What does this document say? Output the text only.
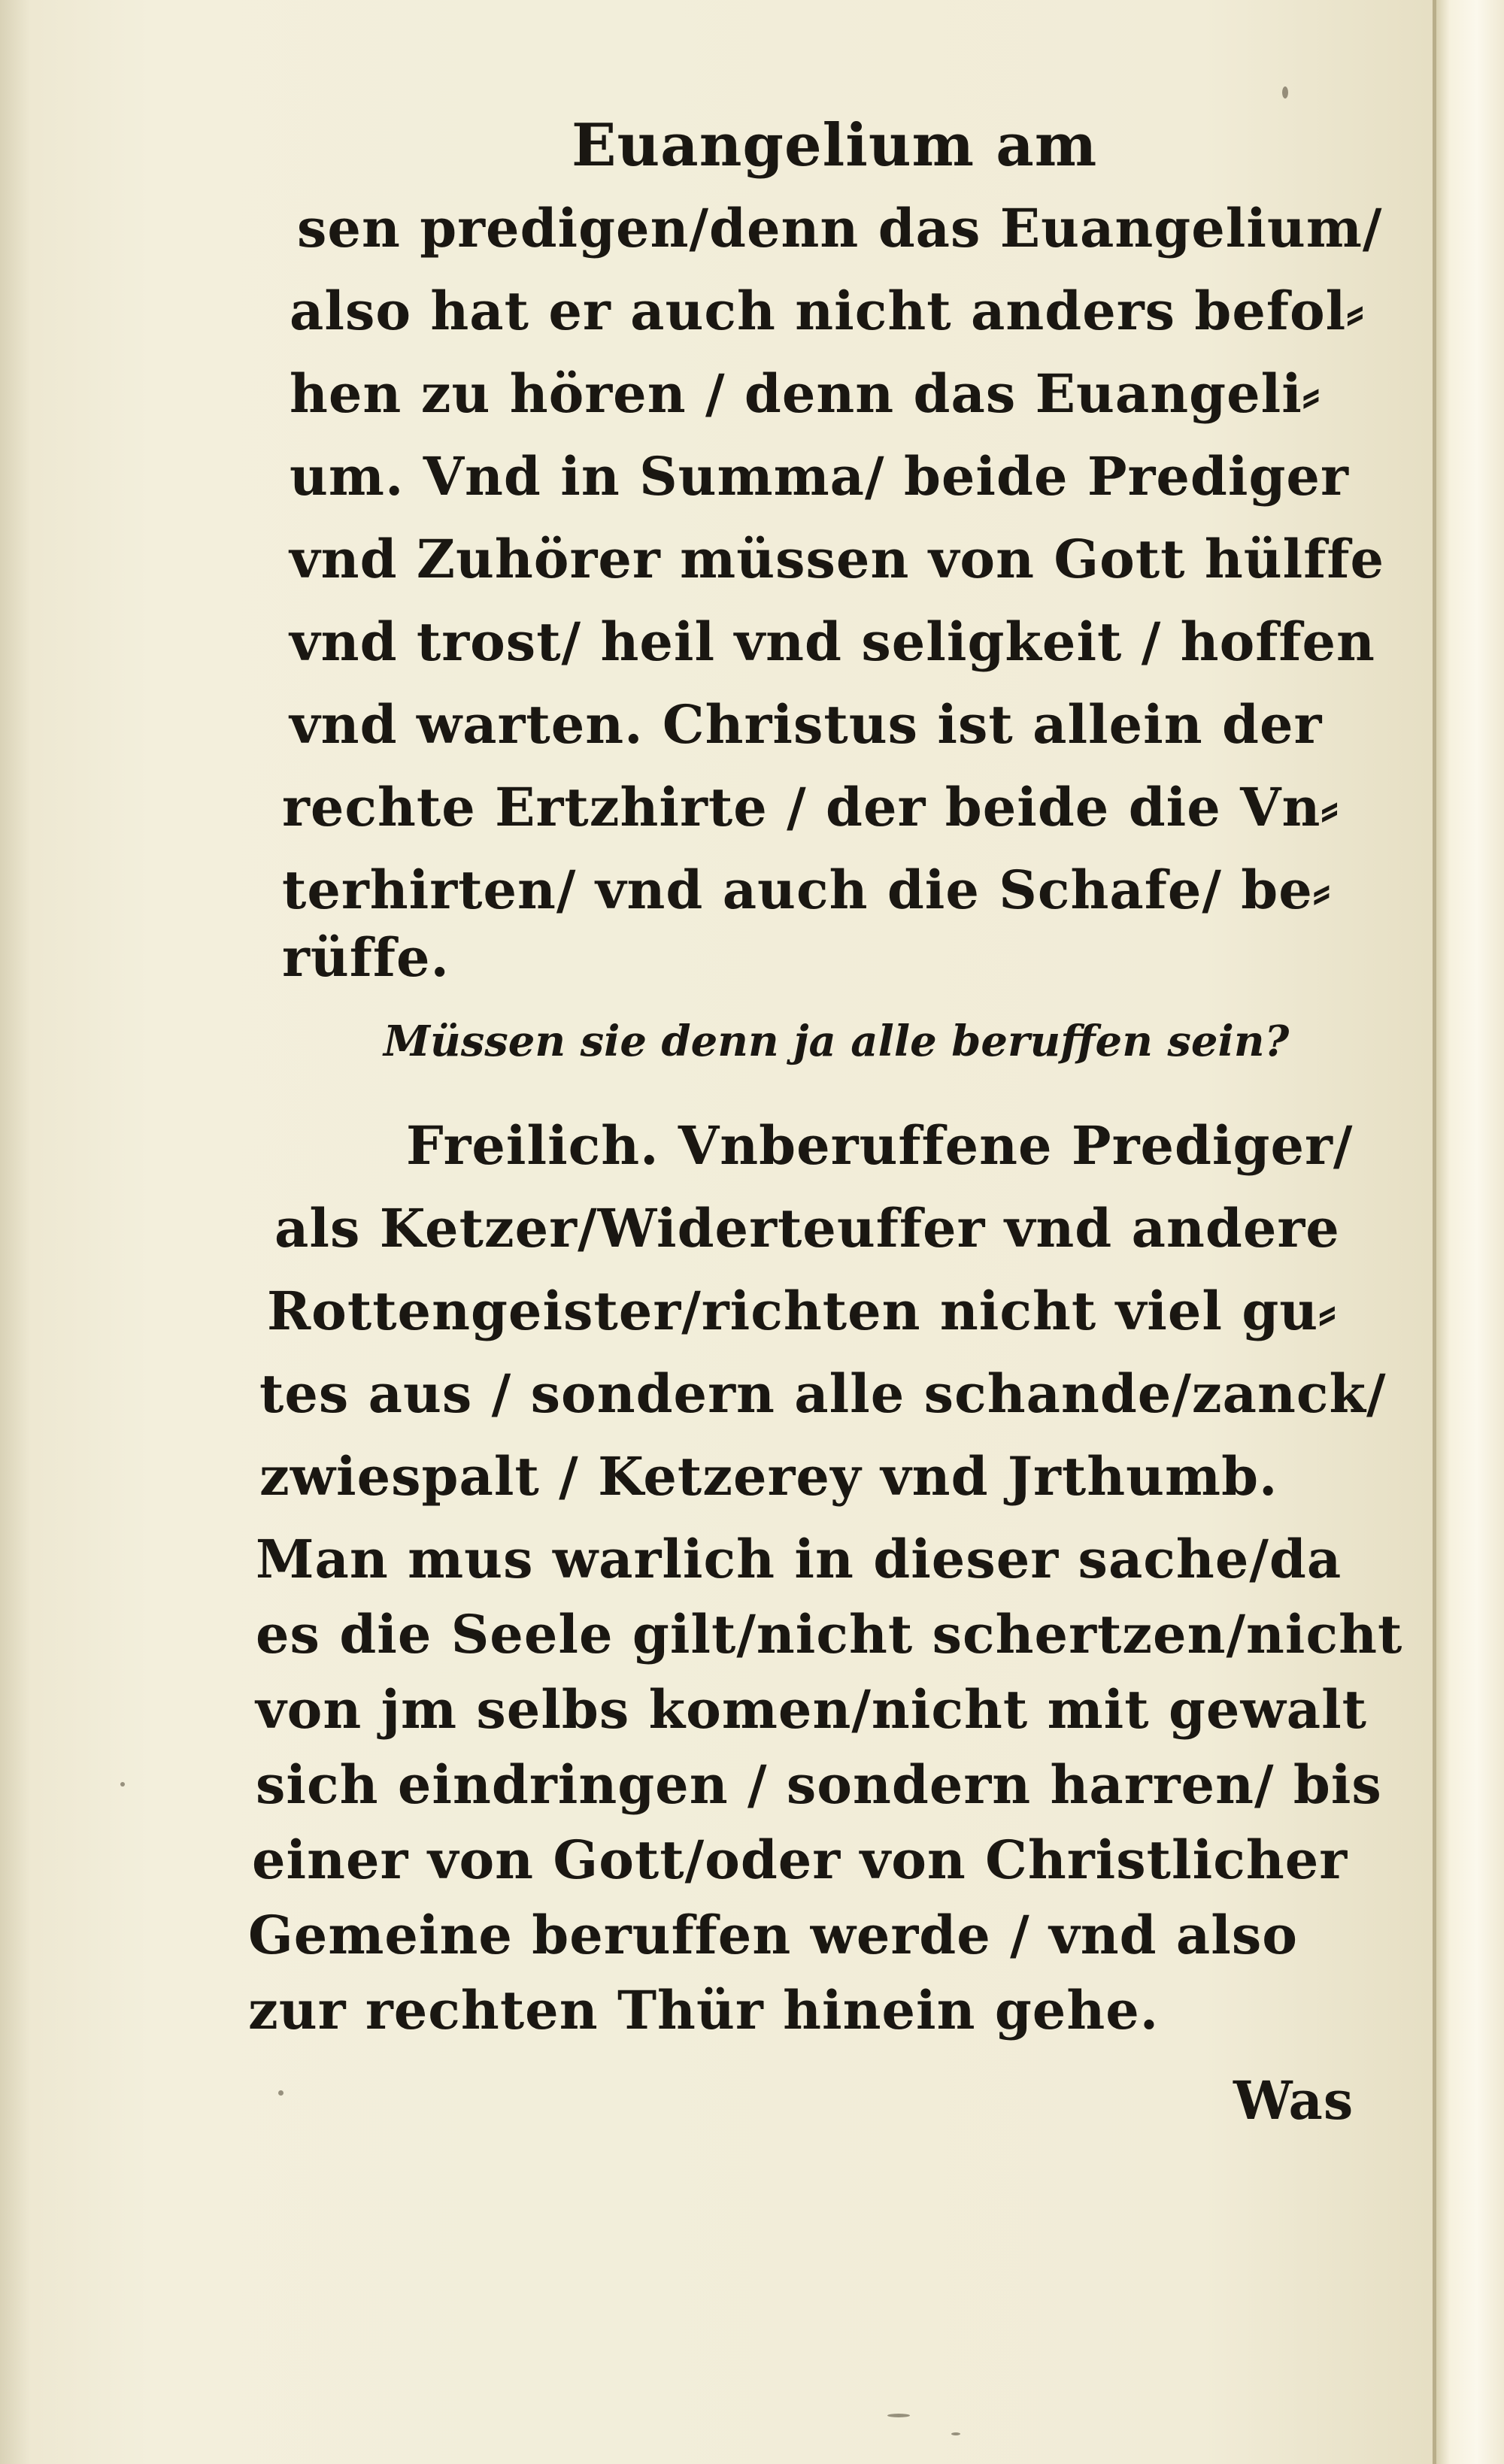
Euangelium am
sen predigen/denn das Euangelium/
also hat er auch nicht anders befol⸗
hen zu hören / denn das Euangeli⸗
um. Vnd in Summa/ beide Prediger
vnd Zuhörer müssen von Gott hülffe
vnd trost/ heil vnd seligkeit / hoffen
vnd warten. Christus ist allein der
rechte Ertzhirte / der beide die Vn⸗
terhirten/ vnd auch die Schafe/ be⸗
rüffe.
Müssen sie denn ja alle beruffen sein?
Freilich. Vnberuffene Prediger/
als Ketzer/Widerteuffer vnd andere
Rottengeister/richten nicht viel gu⸗
tes aus / sondern alle schande/zanck/
zwiespalt / Ketzerey vnd Jrthumb.
Man mus warlich in dieser sache/da
es die Seele gilt/nicht schertzen/nicht
von jm selbs komen/nicht mit gewalt
sich eindringen / sondern harren/ bis
einer von Gott/oder von Christlicher
Gemeine beruffen werde / vnd also
zur rechten Thür hinein gehe.
Was
